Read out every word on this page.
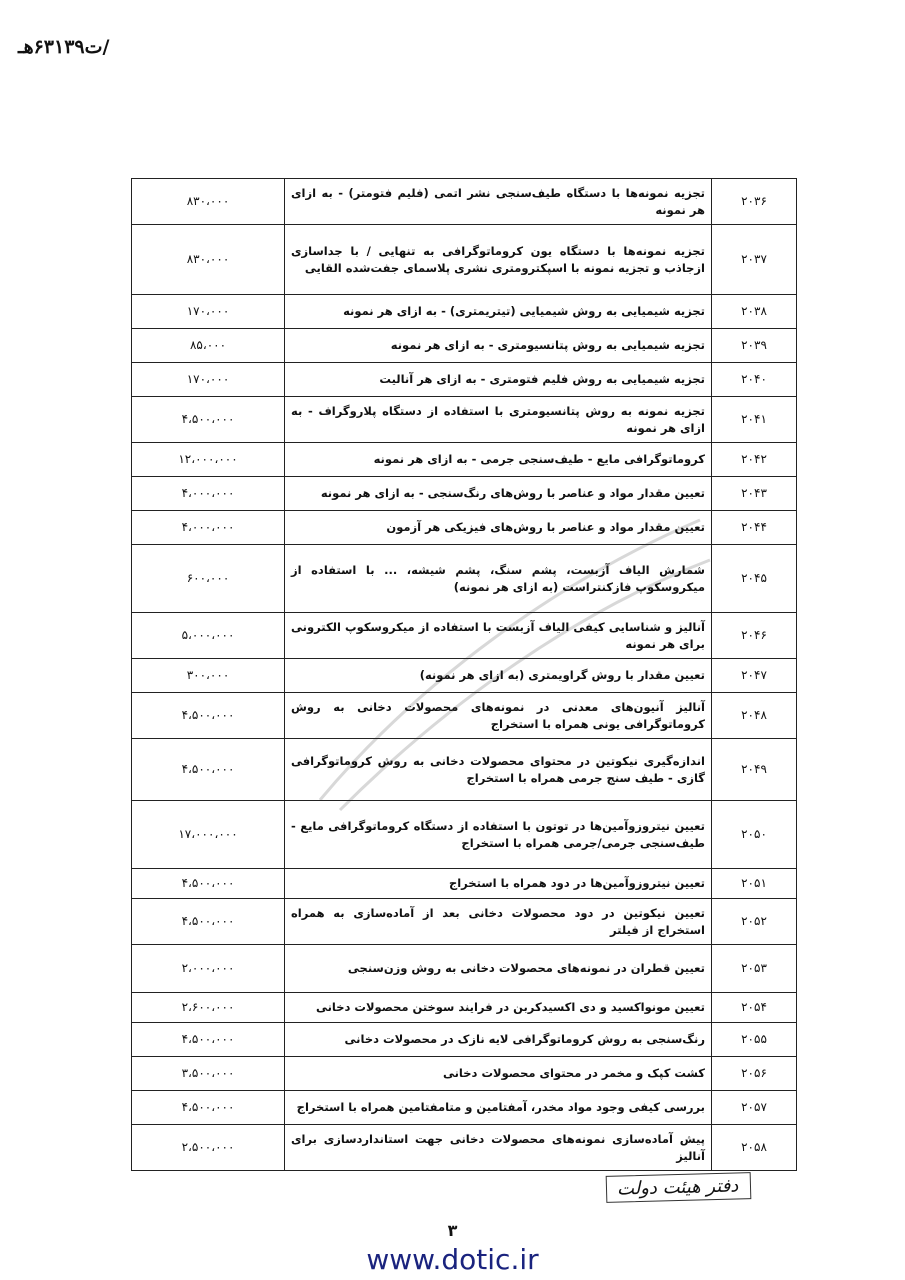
/ت۶۳۱۳۹هـ
۲۰۳۶	تجزیه نمونه‌ها با دستگاه طیف‌سنجی نشر اتمی (فلیم فتومتر) - به ازای هر نمونه	۸۳۰،۰۰۰
۲۰۳۷	تجزیه نمونه‌ها با دستگاه یون کروماتوگرافی به تنهایی / با جداسازی ازجاذب و تجزیه نمونه با اسپکترومتری نشری پلاسمای جفت‌شده القایی	۸۳۰،۰۰۰
۲۰۳۸	تجزیه شیمیایی به روش شیمیایی (تیتریمتری) - به ازای هر نمونه	۱۷۰،۰۰۰
۲۰۳۹	تجزیه شیمیایی به روش پتانسیومتری - به ازای هر نمونه	۸۵،۰۰۰
۲۰۴۰	تجزیه شیمیایی به روش فلیم فتومتری - به ازای هر آنالیت	۱۷۰،۰۰۰
۲۰۴۱	تجزیه نمونه به روش پتانسیومتری با استفاده از دستگاه پلاروگراف - به ازای هر نمونه	۴،۵۰۰،۰۰۰
۲۰۴۲	کروماتوگرافی مایع - طیف‌سنجی جرمی - به ازای هر نمونه	۱۲،۰۰۰،۰۰۰
۲۰۴۳	تعیین مقدار مواد و عناصر با روش‌های رنگ‌سنجی - به ازای هر نمونه	۴،۰۰۰،۰۰۰
۲۰۴۴	تعیین مقدار مواد و عناصر با روش‌های فیزیکی هر آزمون	۴،۰۰۰،۰۰۰
۲۰۴۵	شمارش الیاف آزبست، پشم سنگ، پشم شیشه، ... با استفاده از میکروسکوپ فازکنتراست (به ازای هر نمونه)	۶۰۰،۰۰۰
۲۰۴۶	آنالیز و شناسایی کیفی الیاف آزبست با استفاده از میکروسکوپ الکترونی برای هر نمونه	۵،۰۰۰،۰۰۰
۲۰۴۷	تعیین مقدار با روش گراویمتری (به ازای هر نمونه)	۳۰۰،۰۰۰
۲۰۴۸	آنالیز آنیون‌های معدنی در نمونه‌های محصولات دخانی به روش کروماتوگرافی یونی همراه با استخراج	۴،۵۰۰،۰۰۰
۲۰۴۹	اندازه‌گیری نیکوتین در محتوای محصولات دخانی به روش کروماتوگرافی گازی - طیف سنج جرمی همراه با استخراج	۴،۵۰۰،۰۰۰
۲۰۵۰	تعیین نیتروزوآمین‌ها در توتون با استفاده از دستگاه کروماتوگرافی مایع - طیف‌سنجی جرمی/جرمی همراه با استخراج	۱۷،۰۰۰،۰۰۰
۲۰۵۱	تعیین نیتروزوآمین‌ها در دود همراه با استخراج	۴،۵۰۰،۰۰۰
۲۰۵۲	تعیین نیکوتین در دود محصولات دخانی بعد از آماده‌سازی به همراه استخراج از فیلتر	۴،۵۰۰،۰۰۰
۲۰۵۳	تعیین قطران در نمونه‌های محصولات دخانی به روش وزن‌سنجی	۲،۰۰۰،۰۰۰
۲۰۵۴	تعیین مونواکسید و دی اکسیدکربن در فرایند سوختن محصولات دخانی	۲،۶۰۰،۰۰۰
۲۰۵۵	رنگ‌سنجی به روش کروماتوگرافی لایه نازک در محصولات دخانی	۴،۵۰۰،۰۰۰
۲۰۵۶	کشت کپک و مخمر در محتوای محصولات دخانی	۳،۵۰۰،۰۰۰
۲۰۵۷	بررسی کیفی وجود مواد مخدر، آمفتامین و متامفتامین همراه با استخراج	۴،۵۰۰،۰۰۰
۲۰۵۸	پیش آماده‌سازی نمونه‌های محصولات دخانی جهت استانداردسازی برای آنالیز	۲،۵۰۰،۰۰۰
دفتر هیئت دولت
۳
www.dotic.ir
